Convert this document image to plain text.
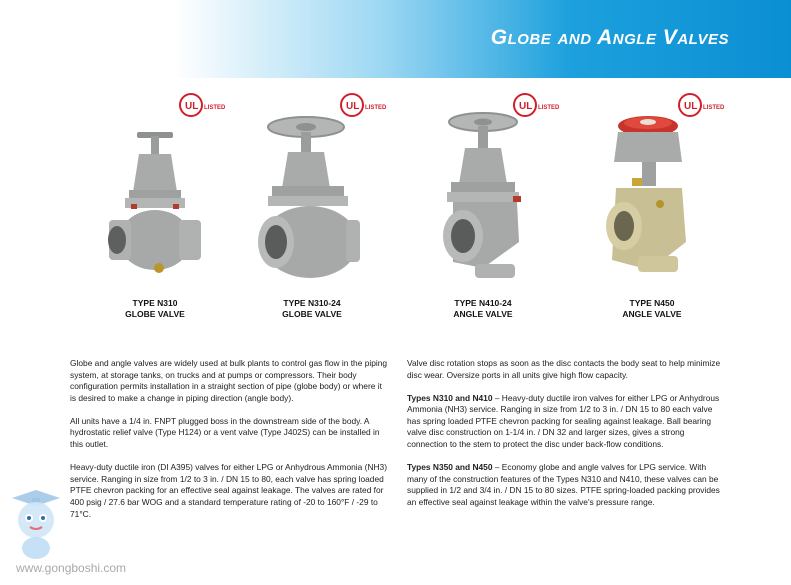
Globe and Angle Valves
UL LISTED
TYPE N310
GLOBE VALVE
UL LISTED
TYPE N310-24
GLOBE VALVE
UL LISTED
TYPE N410-24
ANGLE VALVE
UL LISTED
TYPE N450
ANGLE VALVE

Globe and angle valves are widely used at bulk plants to control gas flow in the piping system, at storage tanks, on trucks and at pumps or compressors. Their body configuration permits installation in a straight section of pipe (globe body) or where it is desired to make a change in piping direction (angle body).

All units have a 1/4 in. FNPT plugged boss in the downstream side of the body. A hydrostatic relief valve (Type H124) or a vent valve (Type J402S) can be installed in this outlet.

Heavy-duty ductile iron (DI A395) valves for either LPG or Anhydrous Ammonia (NH3) service. Ranging in size from 1/2 to 3 in. / DN 15 to 80, each valve has spring loaded PTFE chevron packing for an effective seal against leakage. The valves are rated for 400 psig / 27.6 bar WOG and a standard temperature rating of -20 to 160°F / -29 to 71°C.

Valve disc rotation stops as soon as the disc contacts the body seat to help minimize disc wear. Oversize ports in all units give high flow capacity.

Types N310 and N410 – Heavy-duty ductile iron valves for either LPG or Anhydrous Ammonia (NH3) service. Ranging in size from 1/2 to 3 in. / DN 15 to 80 each valve has spring loaded PTFE chevron packing for sealing against leakage. Ball bearing valve disc construction on 1-1/4 in. / DN 32 and larger sizes, gives a strong connection to the stem to protect the disc under back-flow conditions.

Types N350 and N450 – Economy globe and angle valves for LPG service. With many of the construction features of the Types N310 and N410, these valves can be supplied in 1/2 and 3/4 in. / DN 15 to 80 sizes. PTFE spring-loaded packing provides an effective seal against leakage within the valve's pressure range.

www.gongboshi.com
